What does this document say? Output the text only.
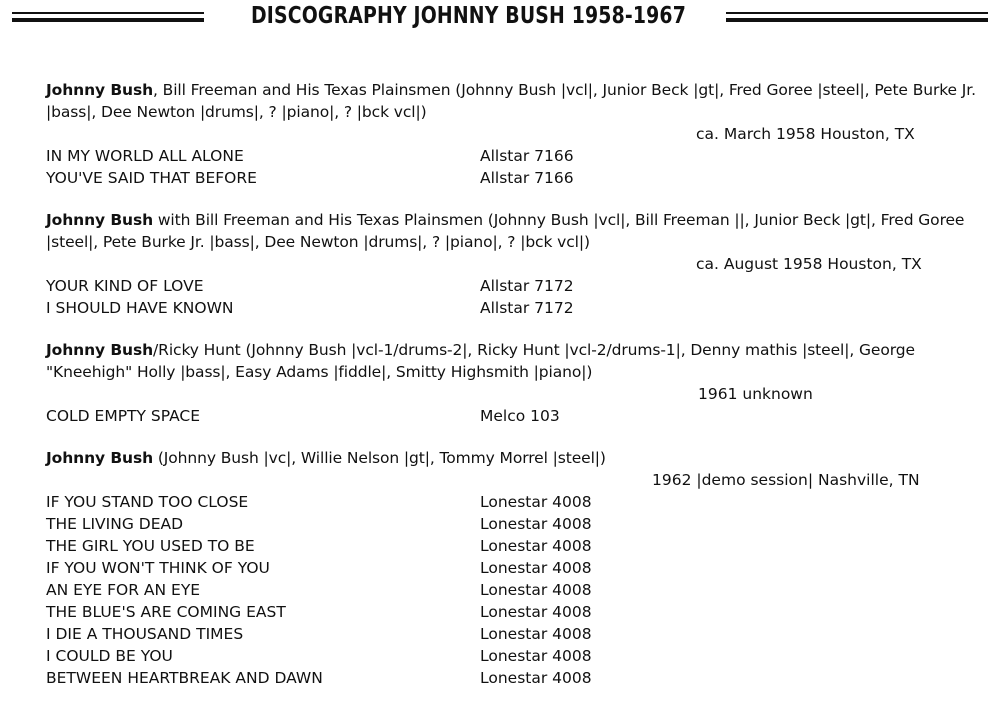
DISCOGRAPHY JOHNNY BUSH 1958-1967
Johnny Bush, Bill Freeman and His Texas Plainsmen (Johnny Bush |vcl|, Junior Beck |gt|, Fred Goree |steel|, Pete Burke Jr. |bass|, Dee Newton |drums|, ? |piano|, ? |bck vcl|)
ca. March 1958 Houston, TX
IN MY WORLD ALL ALONE	Allstar 7166
YOU'VE SAID THAT BEFORE	Allstar 7166
Johnny Bush with Bill Freeman and His Texas Plainsmen (Johnny Bush |vcl|, Bill Freeman ||, Junior Beck |gt|, Fred Goree |steel|, Pete Burke Jr. |bass|, Dee Newton |drums|, ? |piano|, ? |bck vcl|)
ca. August 1958 Houston, TX
YOUR KIND OF LOVE	Allstar 7172
I SHOULD HAVE KNOWN	Allstar 7172
Johnny Bush/Ricky Hunt (Johnny Bush |vcl-1/drums-2|, Ricky Hunt |vcl-2/drums-1|, Denny mathis |steel|, George "Kneehigh" Holly |bass|, Easy Adams |fiddle|, Smitty Highsmith |piano|)
1961 unknown
COLD EMPTY SPACE	Melco 103
Johnny Bush (Johnny Bush |vc|, Willie Nelson |gt|, Tommy Morrel |steel|)
1962 |demo session| Nashville, TN
IF YOU STAND TOO CLOSE	Lonestar 4008
THE LIVING DEAD	Lonestar 4008
THE GIRL YOU USED TO BE	Lonestar 4008
IF YOU WON'T THINK OF YOU	Lonestar 4008
AN EYE FOR AN EYE	Lonestar 4008
THE BLUE'S ARE COMING EAST	Lonestar 4008
I DIE A THOUSAND TIMES	Lonestar 4008
I COULD BE YOU	Lonestar 4008
BETWEEN HEARTBREAK AND DAWN	Lonestar 4008
